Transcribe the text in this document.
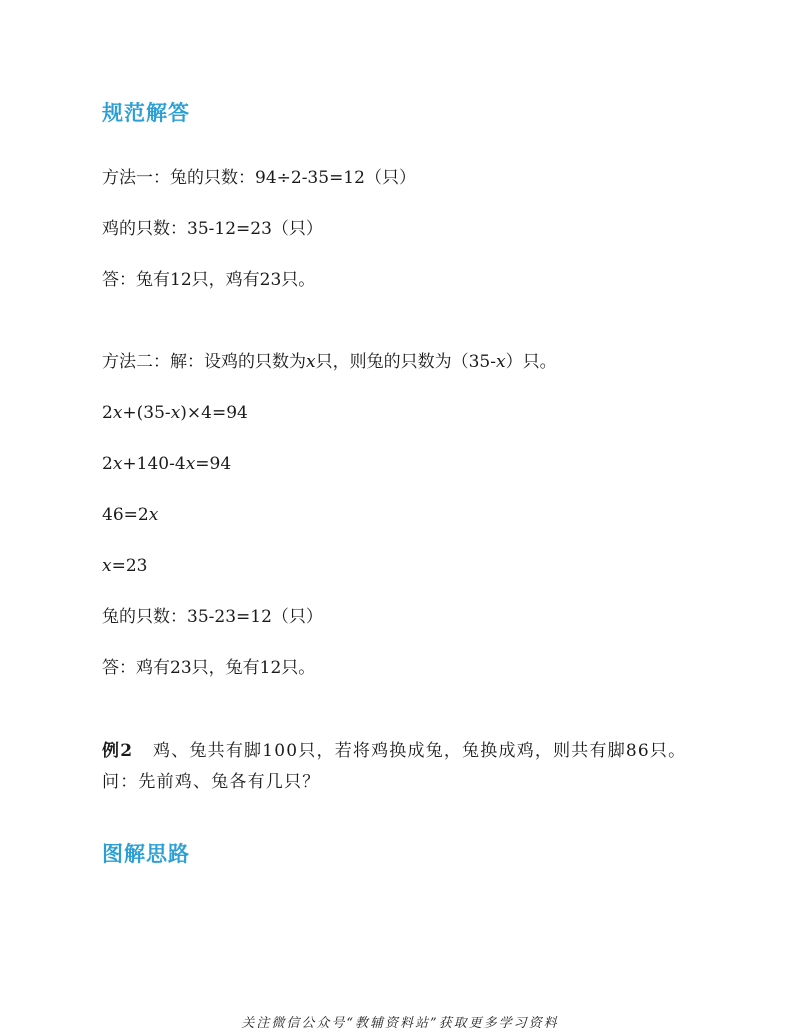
规范解答
方法一：兔的只数：94÷2-35=12（只）
鸡的只数：35-12=23（只）
答：兔有12只，鸡有23只。
方法二：解：设鸡的只数为x只，则兔的只数为（35-x）只。
2x+(35-x)×4=94
2x+140-4x=94
46=2x
x=23
兔的只数：35-23=12（只）
答：鸡有23只，兔有12只。
例2 鸡、兔共有脚100只，若将鸡换成兔，兔换成鸡，则共有脚86只。问：先前鸡、兔各有几只？
图解思路
关注微信公众号“教辅资料站”获取更多学习资料
